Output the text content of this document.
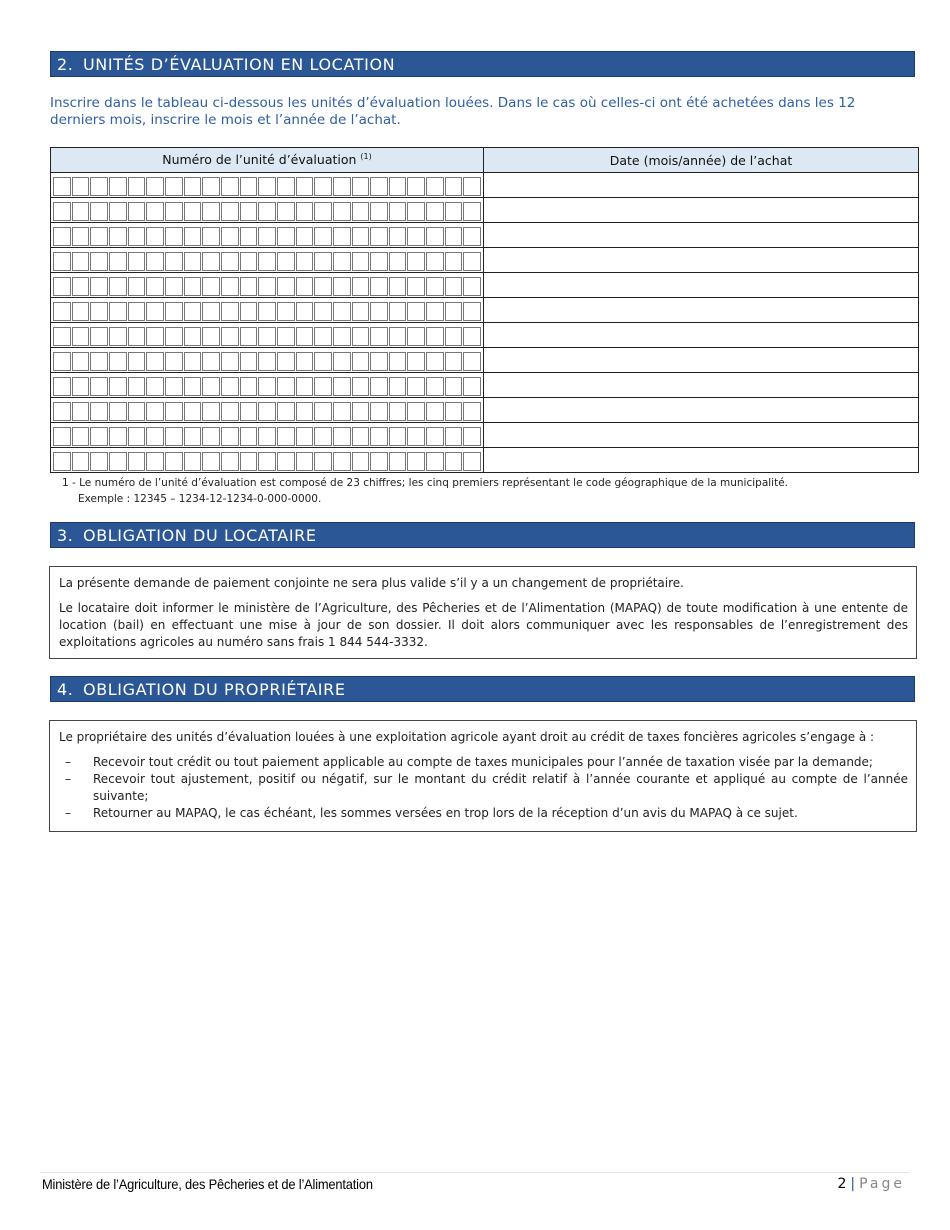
2. UNITÉS D’ÉVALUATION EN LOCATION
Inscrire dans le tableau ci-dessous les unités d’évaluation louées. Dans le cas où celles-ci ont été achetées dans les 12 derniers mois, inscrire le mois et l’année de l’achat.
Numéro de l’unité d’évaluation $^{(1)}$	Date (mois/année) de l’achat

1 - Le numéro de l’unité d’évaluation est composé de 23 chiffres; les cinq premiers représentant le code géographique de la municipalité.
Exemple : 12345 – 1234-12-1234-0-000-0000.
3. OBLIGATION DU LOCATAIRE

La présente demande de paiement conjointe ne sera plus valide s’il y a un changement de propriétaire.

Le locataire doit informer le ministère de l’Agriculture, des Pêcheries et de l’Alimentation (MAPAQ) de toute modification à une entente de location (bail) en effectuant une mise à jour de son dossier. Il doit alors communiquer avec les responsables de l’enregistrement des exploitations agricoles au numéro sans frais 1 844 544-3332.

4. OBLIGATION DU PROPRIÉTAIRE

Le propriétaire des unités d’évaluation louées à une exploitation agricole ayant droit au crédit de taxes foncières agricoles s’engage à :

– Recevoir tout crédit ou tout paiement applicable au compte de taxes municipales pour l’année de taxation visée par la demande;
– Recevoir tout ajustement, positif ou négatif, sur le montant du crédit relatif à l’année courante et appliqué au compte de l’année suivante;
– Retourner au MAPAQ, le cas échéant, les sommes versées en trop lors de la réception d’un avis du MAPAQ à ce sujet.
Ministère de l’Agriculture, des Pêcheries et de l’Alimentation	2 | Page
